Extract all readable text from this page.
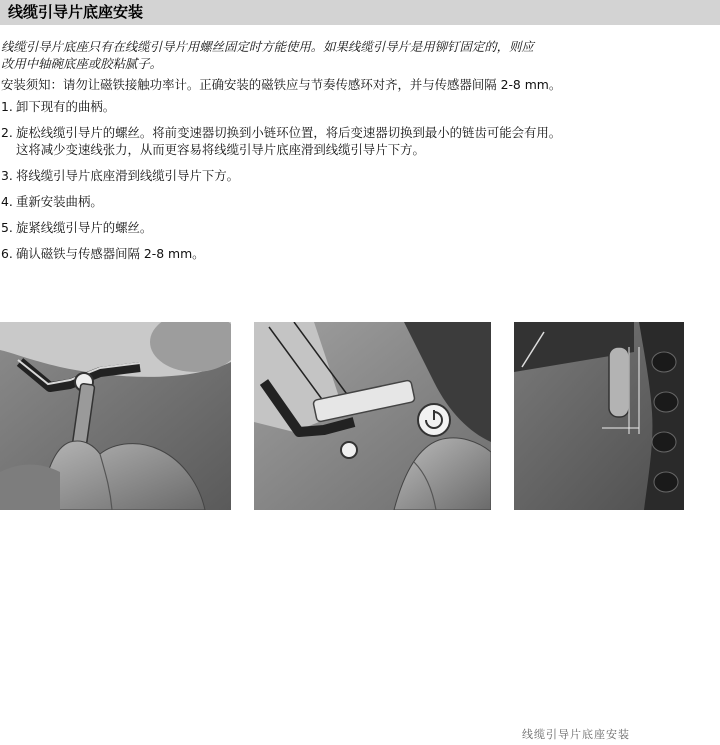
线缆引导片底座安装

线缆引导片底座只有在线缆引导片用螺丝固定时方能使用。如果线缆引导片是用铆钉固定的，则应
改用中轴碗底座或胶粘腻子。

安装须知：请勿让磁铁接触功率计。正确安装的磁铁应与节奏传感环对齐，并与传感器间隔 2-8 mm。

1. 卸下现有的曲柄。
2. 旋松线缆引导片的螺丝。将前变速器切换到小链环位置，将后变速器切换到最小的链齿可能会有用。
这将减少变速线张力，从而更容易将线缆引导片底座滑到线缆引导片下方。
3. 将线缆引导片底座滑到线缆引导片下方。
4. 重新安装曲柄。
5. 旋紧线缆引导片的螺丝。
6. 确认磁铁与传感器间隔 2-8 mm。
线缆引导片底座安装
